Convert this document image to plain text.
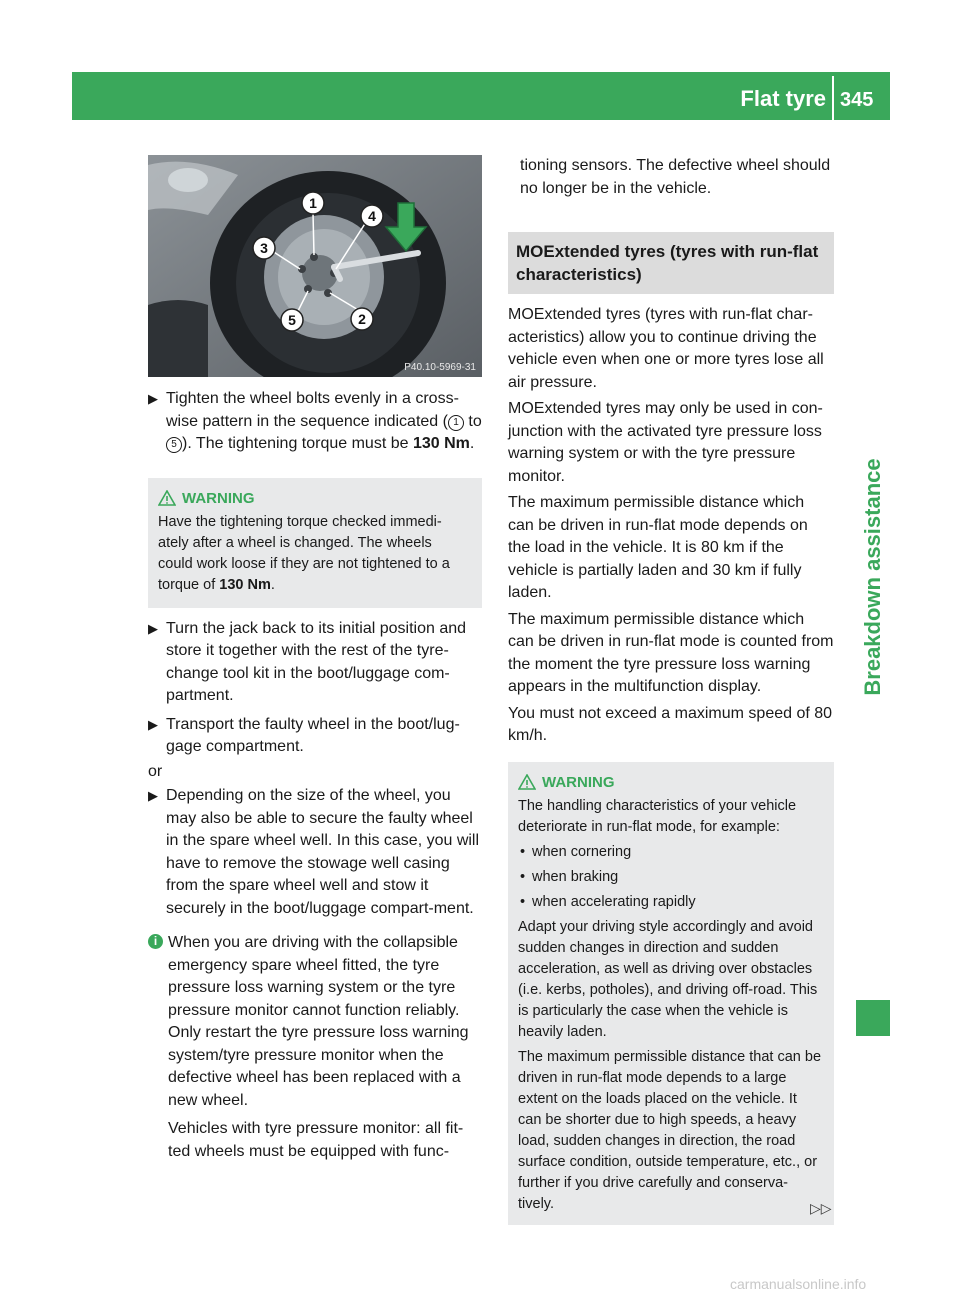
Flat tyre 345
Breakdown assistance
1
2
3
4
5
P40.10-5969-31
▶ Tighten the wheel bolts evenly in a cross-wise pattern in the sequence indicated ( 1 to 5 ). The tightening torque must be 130 Nm.
WARNING
Have the tightening torque checked immedi-ately after a wheel is changed. The wheels could work loose if they are not tightened to a torque of 130 Nm.
▶ Turn the jack back to its initial position and store it together with the rest of the tyre-change tool kit in the boot/luggage com-partment.
▶ Transport the faulty wheel in the boot/lug-gage compartment.

or

▶ Depending on the size of the wheel, you may also be able to secure the faulty wheel in the spare wheel well. In this case, you will have to remove the stowage well casing from the spare wheel well and stow it securely in the boot/luggage compart-ment.
i When you are driving with the collapsible emergency spare wheel fitted, the tyre pressure loss warning system or the tyre pressure monitor cannot function reliably. Only restart the tyre pressure loss warning system/tyre pressure monitor when the defective wheel has been replaced with a new wheel.

Vehicles with tyre pressure monitor: all fit-ted wheels must be equipped with func-

tioning sensors. The defective wheel should no longer be in the vehicle.

MOExtended tyres (tyres with run-flat characteristics)

MOExtended tyres (tyres with run-flat char-acteristics) allow you to continue driving the vehicle even when one or more tyres lose all air pressure.

MOExtended tyres may only be used in con-junction with the activated tyre pressure loss warning system or with the tyre pressure monitor.

The maximum permissible distance which can be driven in run-flat mode depends on the load in the vehicle. It is 80 km if the vehicle is partially laden and 30 km if fully laden.

The maximum permissible distance which can be driven in run-flat mode is counted from the moment the tyre pressure loss warning appears in the multifunction display.

You must not exceed a maximum speed of 80 km/h.

WARNING

The handling characteristics of your vehicle deteriorate in run-flat mode, for example:

• when cornering
• when braking
• when accelerating rapidly

Adapt your driving style accordingly and avoid sudden changes in direction and sudden acceleration, as well as driving over obstacles (i.e. kerbs, potholes), and driving off-road. This is particularly the case when the vehicle is heavily laden.

The maximum permissible distance that can be driven in run-flat mode depends to a large extent on the loads placed on the vehicle. It can be shorter due to high speeds, a heavy load, sudden changes in direction, the road surface condition, outside temperature, etc., or further if you drive carefully and conserva-tively.	▷▷
carmanualsonline.info
